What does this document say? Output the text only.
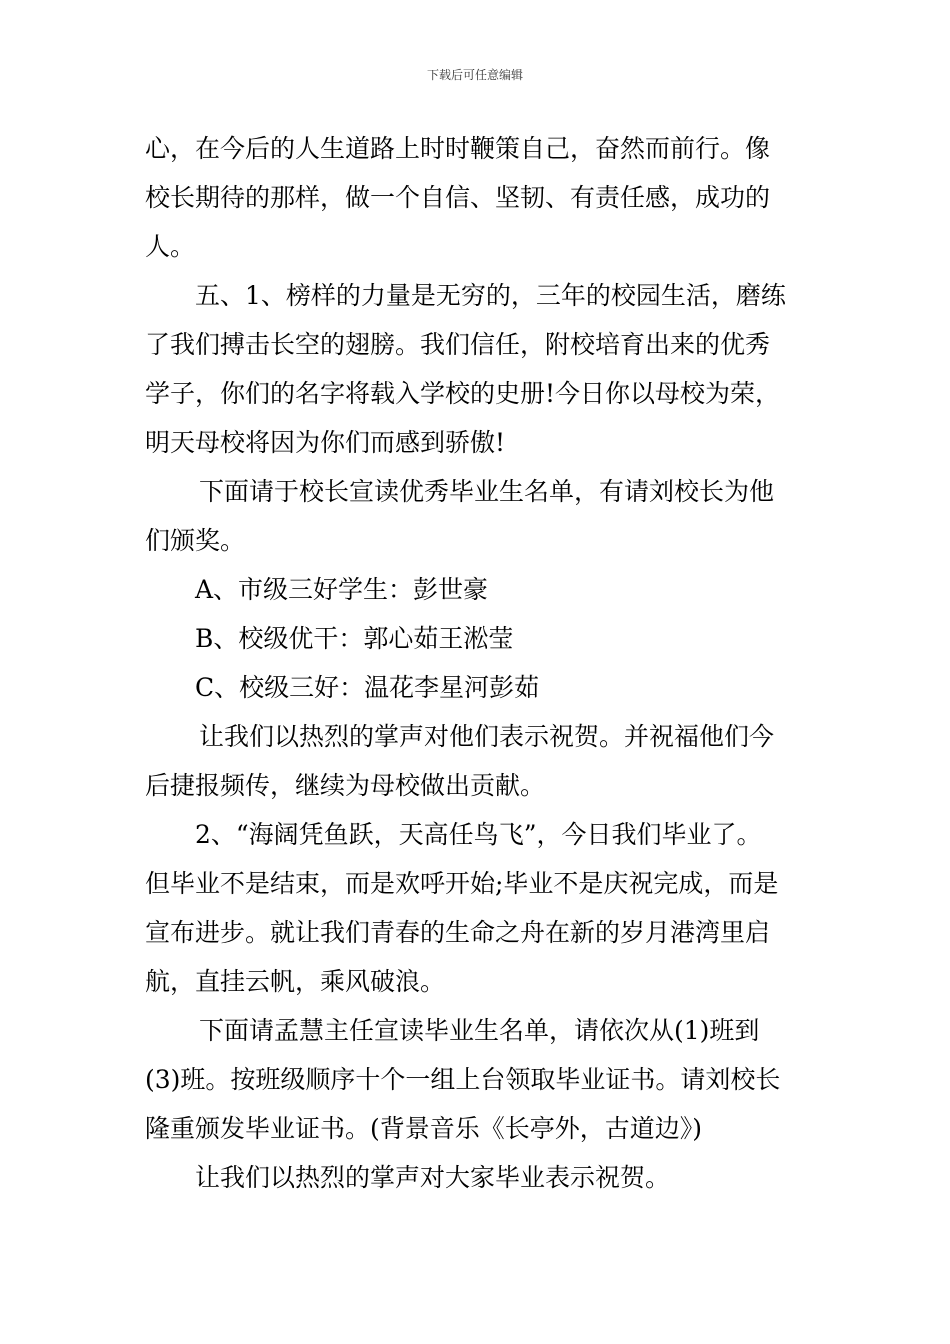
下载后可任意编辑
心，在今后的人生道路上时时鞭策自己，奋然而前行。像
校长期待的那样，做一个自信、坚韧、有责任感，成功的
人。
五、1、榜样的力量是无穷的，三年的校园生活，磨练
了我们搏击长空的翅膀。我们信任，附校培育出来的优秀
学子，你们的名字将载入学校的史册!今日你以母校为荣，
明天母校将因为你们而感到骄傲!
下面请于校长宣读优秀毕业生名单，有请刘校长为他
们颁奖。
A、市级三好学生：彭世豪
B、校级优干：郭心茹王淞莹
C、校级三好：温花李星河彭茹
让我们以热烈的掌声对他们表示祝贺。并祝福他们今
后捷报频传，继续为母校做出贡献。
2、“海阔凭鱼跃，天高任鸟飞”，今日我们毕业了。
但毕业不是结束，而是欢呼开始;毕业不是庆祝完成，而是
宣布进步。就让我们青春的生命之舟在新的岁月港湾里启
航，直挂云帆，乘风破浪。
下面请孟慧主任宣读毕业生名单，请依次从(1)班到
(3)班。按班级顺序十个一组上台领取毕业证书。请刘校长
隆重颁发毕业证书。(背景音乐《长亭外，古道边》)
让我们以热烈的掌声对大家毕业表示祝贺。
